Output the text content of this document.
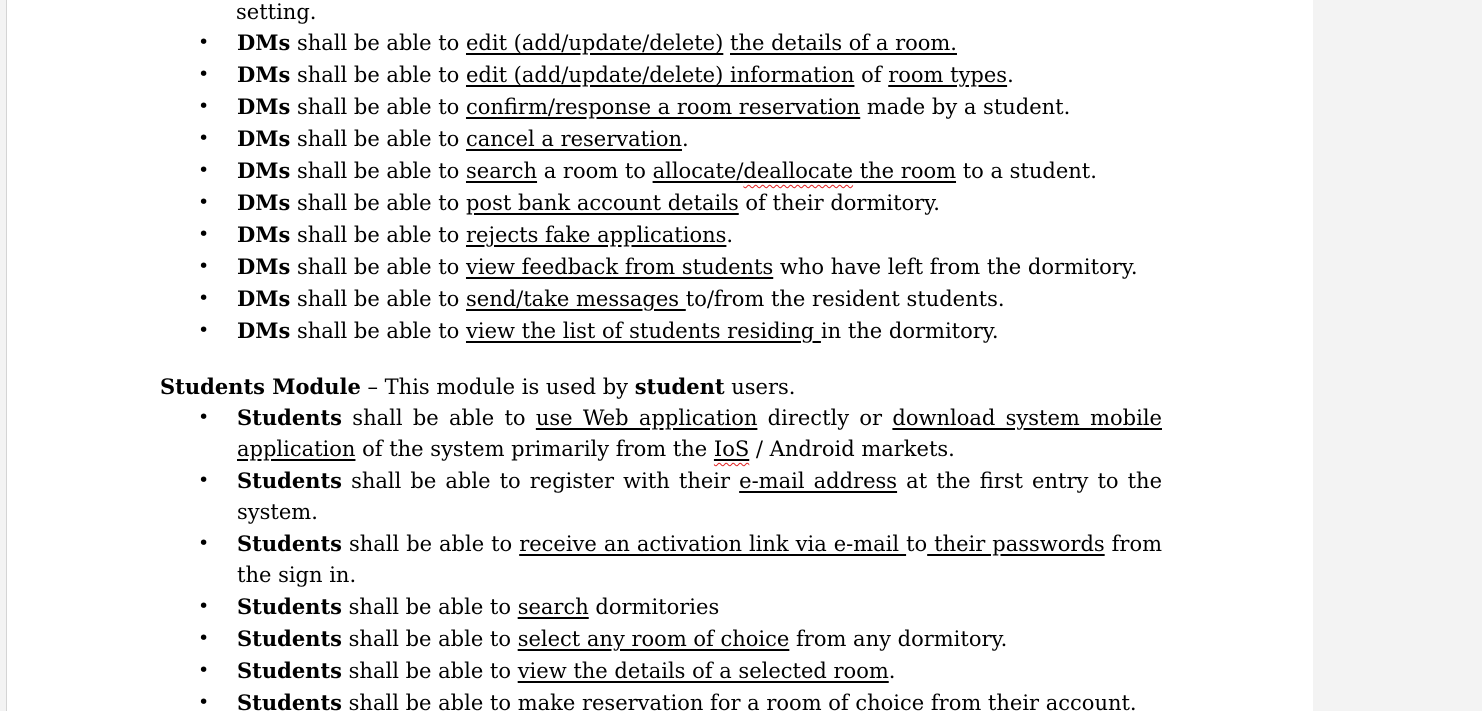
setting.
• DMs shall be able to edit (add/update/delete) the details of a room.
• DMs shall be able to edit (add/update/delete) information of room types.
• DMs shall be able to confirm/response a room reservation made by a student.
• DMs shall be able to cancel a reservation.
• DMs shall be able to search a room to allocate/deallocate the room to a student.
• DMs shall be able to post bank account details of their dormitory.
• DMs shall be able to rejects fake applications.
• DMs shall be able to view feedback from students who have left from the dormitory.
• DMs shall be able to send/take messages to/from the resident students.
• DMs shall be able to view the list of students residing in the dormitory.
Students Module – This module is used by student users.
• Students shall be able to use Web application directly or download system mobile application of the system primarily from the IoS / Android markets.
• Students shall be able to register with their e-mail address at the first entry to the system.
• Students shall be able to receive an activation link via e-mail to their passwords from the sign in.
• Students shall be able to search dormitories
• Students shall be able to select any room of choice from any dormitory.
• Students shall be able to view the details of a selected room.
• Students shall be able to make reservation for a room of choice from their account.
